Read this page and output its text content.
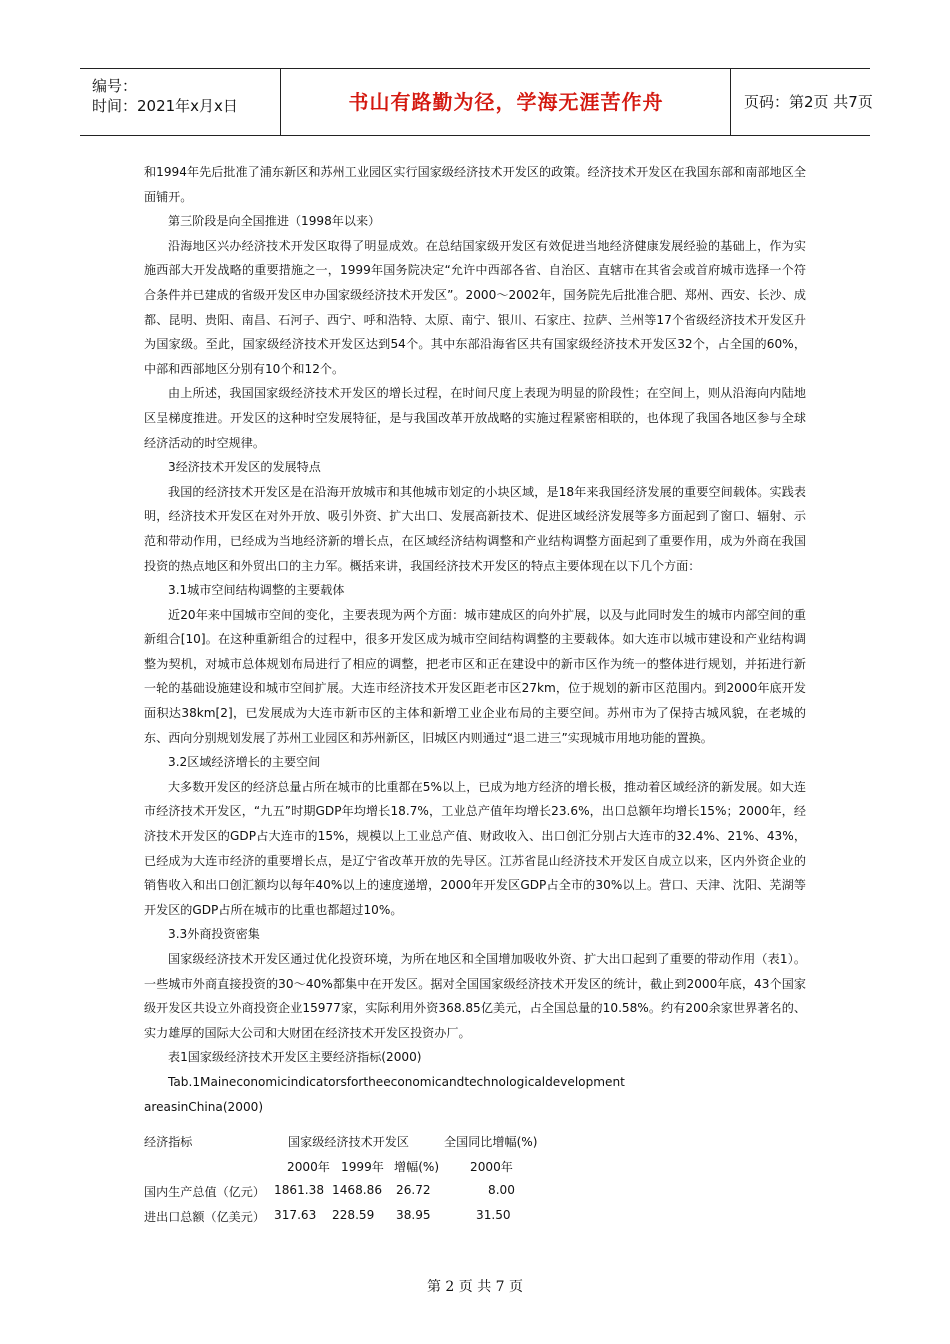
编号：
时间：2021年x月x日	书山有路勤为径，学海无涯苦作舟	页码：第2页 共7页

和1994年先后批准了浦东新区和苏州工业园区实行国家级经济技术开发区的政策。经济技术开发区在我国东部和南部地区全面铺开。

第三阶段是向全国推进（1998年以来）

沿海地区兴办经济技术开发区取得了明显成效。在总结国家级开发区有效促进当地经济健康发展经验的基础上，作为实施西部大开发战略的重要措施之一，1999年国务院决定“允许中西部各省、自治区、直辖市在其省会或首府城市选择一个符合条件并已建成的省级开发区申办国家级经济技术开发区”。2000～2002年，国务院先后批准合肥、郑州、西安、长沙、成都、昆明、贵阳、南昌、石河子、西宁、呼和浩特、太原、南宁、银川、石家庄、拉萨、兰州等17个省级经济技术开发区升为国家级。至此，国家级经济技术开发区达到54个。其中东部沿海省区共有国家级经济技术开发区32个，占全国的60%，中部和西部地区分别有10个和12个。

由上所述，我国国家级经济技术开发区的增长过程，在时间尺度上表现为明显的阶段性；在空间上，则从沿海向内陆地区呈梯度推进。开发区的这种时空发展特征，是与我国改革开放战略的实施过程紧密相联的，也体现了我国各地区参与全球经济活动的时空规律。

3经济技术开发区的发展特点

我国的经济技术开发区是在沿海开放城市和其他城市划定的小块区域，是18年来我国经济发展的重要空间载体。实践表明，经济技术开发区在对外开放、吸引外资、扩大出口、发展高新技术、促进区域经济发展等多方面起到了窗口、辐射、示范和带动作用，已经成为当地经济新的增长点，在区域经济结构调整和产业结构调整方面起到了重要作用，成为外商在我国投资的热点地区和外贸出口的主力军。概括来讲，我国经济技术开发区的特点主要体现在以下几个方面：

3.1城市空间结构调整的主要载体

近20年来中国城市空间的变化，主要表现为两个方面：城市建成区的向外扩展，以及与此同时发生的城市内部空间的重新组合[10]。在这种重新组合的过程中，很多开发区成为城市空间结构调整的主要载体。如大连市以城市建设和产业结构调整为契机，对城市总体规划布局进行了相应的调整，把老市区和正在建设中的新市区作为统一的整体进行规划，并拓进行新一轮的基础设施建设和城市空间扩展。大连市经济技术开发区距老市区27km，位于规划的新市区范围内。到2000年底开发面积达38km[2]，已发展成为大连市新市区的主体和新增工业企业布局的主要空间。苏州市为了保持古城风貌，在老城的东、西向分别规划发展了苏州工业园区和苏州新区，旧城区内则通过“退二进三”实现城市用地功能的置换。

3.2区域经济增长的主要空间

大多数开发区的经济总量占所在城市的比重都在5%以上，已成为地方经济的增长极，推动着区域经济的新发展。如大连市经济技术开发区，“九五”时期GDP年均增长18.7%，工业总产值年均增长23.6%，出口总额年均增长15%；2000年，经济技术开发区的GDP占大连市的15%，规模以上工业总产值、财政收入、出口创汇分别占大连市的32.4%、21%、43%，已经成为大连市经济的重要增长点，是辽宁省改革开放的先导区。江苏省昆山经济技术开发区自成立以来，区内外资企业的销售收入和出口创汇额均以每年40%以上的速度递增，2000年开发区GDP占全市的30%以上。营口、天津、沈阳、芜湖等开发区的GDP占所在城市的比重也都超过10%。

3.3外商投资密集

国家级经济技术开发区通过优化投资环境，为所在地区和全国增加吸收外资、扩大出口起到了重要的带动作用（表1）。一些城市外商直接投资的30～40%都集中在开发区。据对全国国家级经济技术开发区的统计，截止到2000年底，43个国家级开发区共设立外商投资企业15977家，实际利用外资368.85亿美元，占全国总量的10.58%。约有200余家世界著名的、实力雄厚的国际大公司和大财团在经济技术开发区投资办厂。

表1国家级经济技术开发区主要经济指标(2000)

Tab.1Maineconomicindicatorsfortheeconomicandtechnologicaldevelopment

areasinChina(2000)

经济指标	国家级经济技术开发区	全国同比增幅(%)
2000年 1999年 增幅(%)	2000年
国内生产总值（亿元） 1861.38 1468.86 26.72	8.00
进出口总额（亿美元） 317.63 228.59 38.95	31.50
第 2 页 共 7 页
